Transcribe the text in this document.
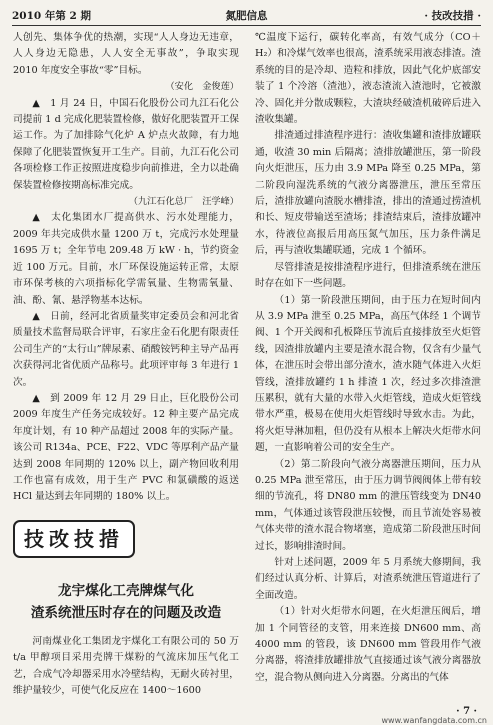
2010 年第 2 期	氮肥信息	· 技改技措 ·

人创先、集体争优的热潮，实现“人人身边无违章，人人身边无隐患，人人安全无事故”，争取实现 2010 年度安全事故“零”目标。

（安化　金俊莲）

▲　1 月 24 日，中国石化股份公司九江石化公司提前 1 d 完成化肥装置检修，傲好化肥装置开工保运工作。为了加排除气化炉 A 炉点火故障，有力地保障了化肥装置恢复开工生产。目前，九江石化公司各项检修工作正按照进度稳步向前推进，全力以赴确保装置检修按期高标准完成。

（九江石化总厂　汪学峰）

▲　太化集团水厂提高供水、污水处理能力，2009 年共完成供水量 1200 万 t，完成污水处理量 1695 万 t；全年节电 209.48 万 kW · h，节约资金近 100 万元。目前，水厂环保设施运转正常，太原市环保考核的六项指标化学需氧量、生物需氧量、油、酚、氰、悬浮物基本达标。

▲　日前，经河北省质量奖审定委员会和河北省质量技术监督局联合评审，石家庄金石化肥有限责任公司生产的“太行山”牌尿素、硝酸铵钙种主导产品再次获得河北省优质产品称号。此项评审每 3 年进行 1 次。

▲　到 2009 年 12 月 29 日止，巨化股份公司 2009 年度生产任务完成较好。12 种主要产品完成年度计划，有 10 种产品超过 2008 年的实际产量。该公司 R134a、PCE、F22、VDC 等厚利产品产量达到 2008 年同期的 120% 以上，副产物回收利用工作也富有成效，用于生产 PVC 和氯磺酸的返送 HCl 量达到去年同期的 180% 以上。

技改技措
龙宇煤化工壳牌煤气化
渣系统泄压时存在的问题及改造

河南煤业化工集团龙宇煤化工有限公司的 50 万 t/a 甲醇项目采用壳牌干煤粉的气流床加压气化工艺，合成气冷却器采用水冷壁结构，无耐火砖衬里，维护量较少，可使气化反应在 1400～1600

℃温度下运行，碳转化率高，有效气成分（CO＋H₂）和冷煤气效率也很高，渣系统采用液态排渣。渣系统的目的是冷却、造粒和排放，因此气化炉底部安装了 1 个冷溶（渣池），液态渣流入渣池时，它被激冷、固化并分散成颗粒，大渣块经破渣机破碎后进入渣收集罐。

排渣通过排渣程序进行：渣收集罐和渣排放罐联通，收渣 30 min 后隔离；渣排放罐泄压，第一阶段向火炬泄压，压力由 3.9 MPa 降至 0.25 MPa，第二阶段向湿洗系统的气液分离器泄压，泄压至常压后，渣排放罐向渣脱水槽排渣，排出的渣通过捞渣机和长、短皮带输送至渣场；排渣结束后，渣排放罐冲水，待液位高报后用高压氮气加压，压力条件满足后，再与渣收集罐联通，完成 1 个循环。

尽管排渣是按排渣程序进行，但排渣系统在泄压时存在如下一些问题。

（1）第一阶段泄压期间，由于压力在短时间内从 3.9 MPa 泄至 0.25 MPa，高压气体经 1 个调节阀、1 个开关阀和孔板降压节流后直接排放至火炬管线，因渣排放罐内主要是渣水混合物，仅含有少量气体，在泄压时会带出部分渣水，渣水随气体进入火炬管线，渣排放罐约 1 h 排渣 1 次，经过多次排渣泄压累积，就有大量的水带入火炬管线，造成火炬管线带水严重，极易在使用火炬管线时导致水击。为此，将火炬导淋加粗，但仍没有从根本上解决火炬带水问题，一直影响着公司的安全生产。

（2）第二阶段向气液分离器泄压期间，压力从 0.25 MPa 泄至常压，由于压力调节阀阀体上带有较细的节流孔，将 DN80 mm 的泄压管线变为 DN40 mm，气体通过该管段泄压较慢，而且节流处容易被气体夹带的渣水混合物堵塞，造成第二阶段泄压时间过长，影响排渣时间。

针对上述问题，2009 年 5 月系统大修期间，我们经过认真分析、计算后，对渣系统泄压管道进行了全面改造。

（1）针对火炬带水问题，在火炬泄压阀后，增加 1 个同管径的支管，用来连接 DN600 mm、高 4000 mm 的管段，该 DN600 mm 管段用作气液分离器，将渣排放罐排放气直接通过该气液分离器放空，混合物从侧向进入分离器。分离出的气体

· 7 ·
www.wanfangdata.com.cn
